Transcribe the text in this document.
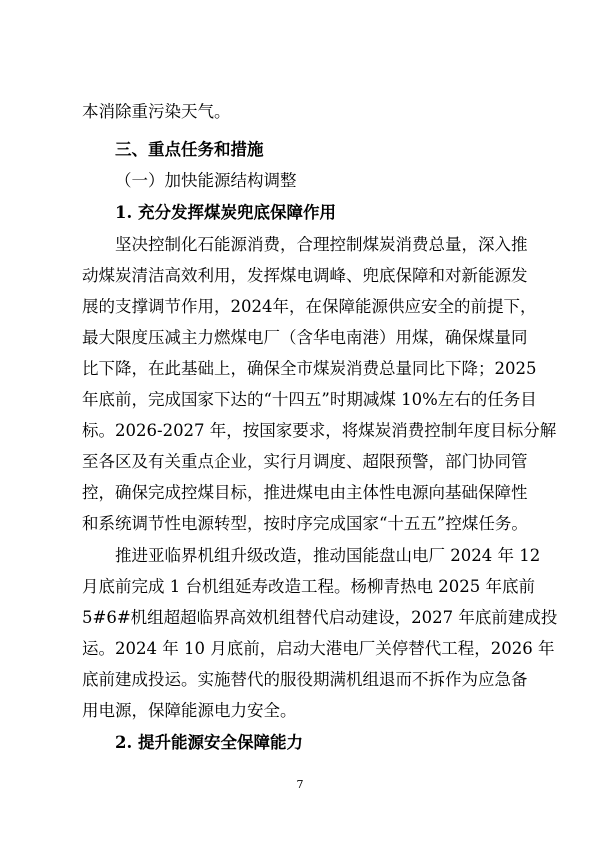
本消除重污染天气。
三、重点任务和措施
（一）加快能源结构调整
1. 充分发挥煤炭兜底保障作用
坚决控制化石能源消费，合理控制煤炭消费总量，深入推
动煤炭清洁高效利用，发挥煤电调峰、兜底保障和对新能源发
展的支撑调节作用，2024年，在保障能源供应安全的前提下，
最大限度压减主力燃煤电厂（含华电南港）用煤，确保煤量同
比下降，在此基础上，确保全市煤炭消费总量同比下降；2025
年底前，完成国家下达的“十四五”时期减煤 10%左右的任务目
标。2026-2027 年，按国家要求，将煤炭消费控制年度目标分解
至各区及有关重点企业，实行月调度、超限预警，部门协同管
控，确保完成控煤目标，推进煤电由主体性电源向基础保障性
和系统调节性电源转型，按时序完成国家“十五五”控煤任务。
推进亚临界机组升级改造，推动国能盘山电厂 2024 年 12
月底前完成 1 台机组延寿改造工程。杨柳青热电 2025 年底前
5#6#机组超超临界高效机组替代启动建设，2027 年底前建成投
运。2024 年 10 月底前，启动大港电厂关停替代工程，2026 年
底前建成投运。实施替代的服役期满机组退而不拆作为应急备
用电源，保障能源电力安全。
2. 提升能源安全保障能力
7
